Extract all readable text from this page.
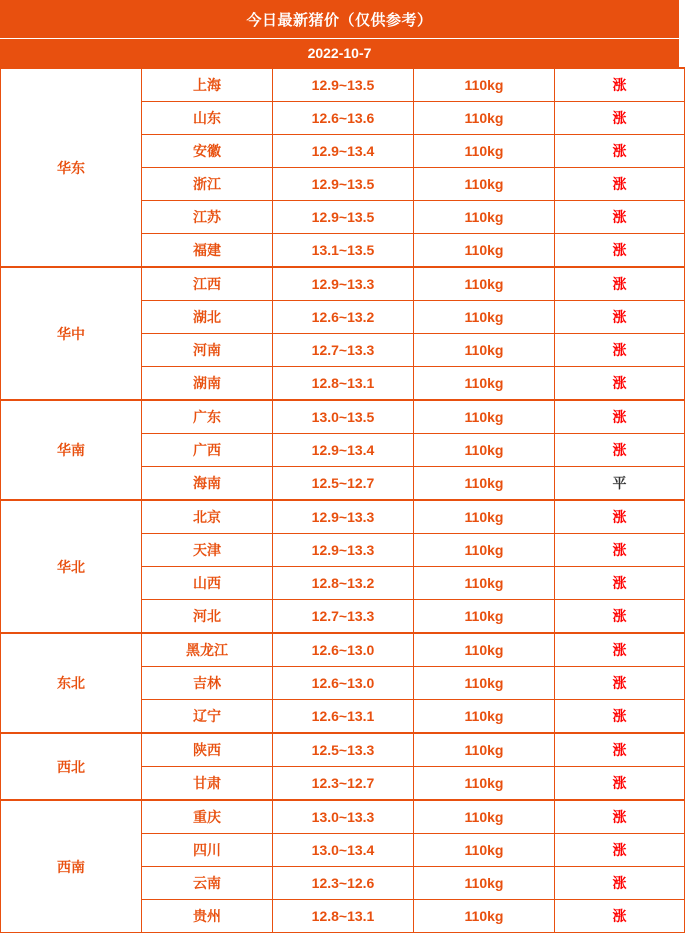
今日最新猪价（仅供参考）
2022-10-7
华东	上海	12.9~13.5	110kg	涨
	山东	12.6~13.6	110kg	涨
	安徽	12.9~13.4	110kg	涨
	浙江	12.9~13.5	110kg	涨
	江苏	12.9~13.5	110kg	涨
	福建	13.1~13.5	110kg	涨
华中	江西	12.9~13.3	110kg	涨
	湖北	12.6~13.2	110kg	涨
	河南	12.7~13.3	110kg	涨
	湖南	12.8~13.1	110kg	涨
华南	广东	13.0~13.5	110kg	涨
	广西	12.9~13.4	110kg	涨
	海南	12.5~12.7	110kg	平
华北	北京	12.9~13.3	110kg	涨
	天津	12.9~13.3	110kg	涨
	山西	12.8~13.2	110kg	涨
	河北	12.7~13.3	110kg	涨
东北	黑龙江	12.6~13.0	110kg	涨
	吉林	12.6~13.0	110kg	涨
	辽宁	12.6~13.1	110kg	涨
西北	陕西	12.5~13.3	110kg	涨
	甘肃	12.3~12.7	110kg	涨
西南	重庆	13.0~13.3	110kg	涨
	四川	13.0~13.4	110kg	涨
	云南	12.3~12.6	110kg	涨
	贵州	12.8~13.1	110kg	涨
